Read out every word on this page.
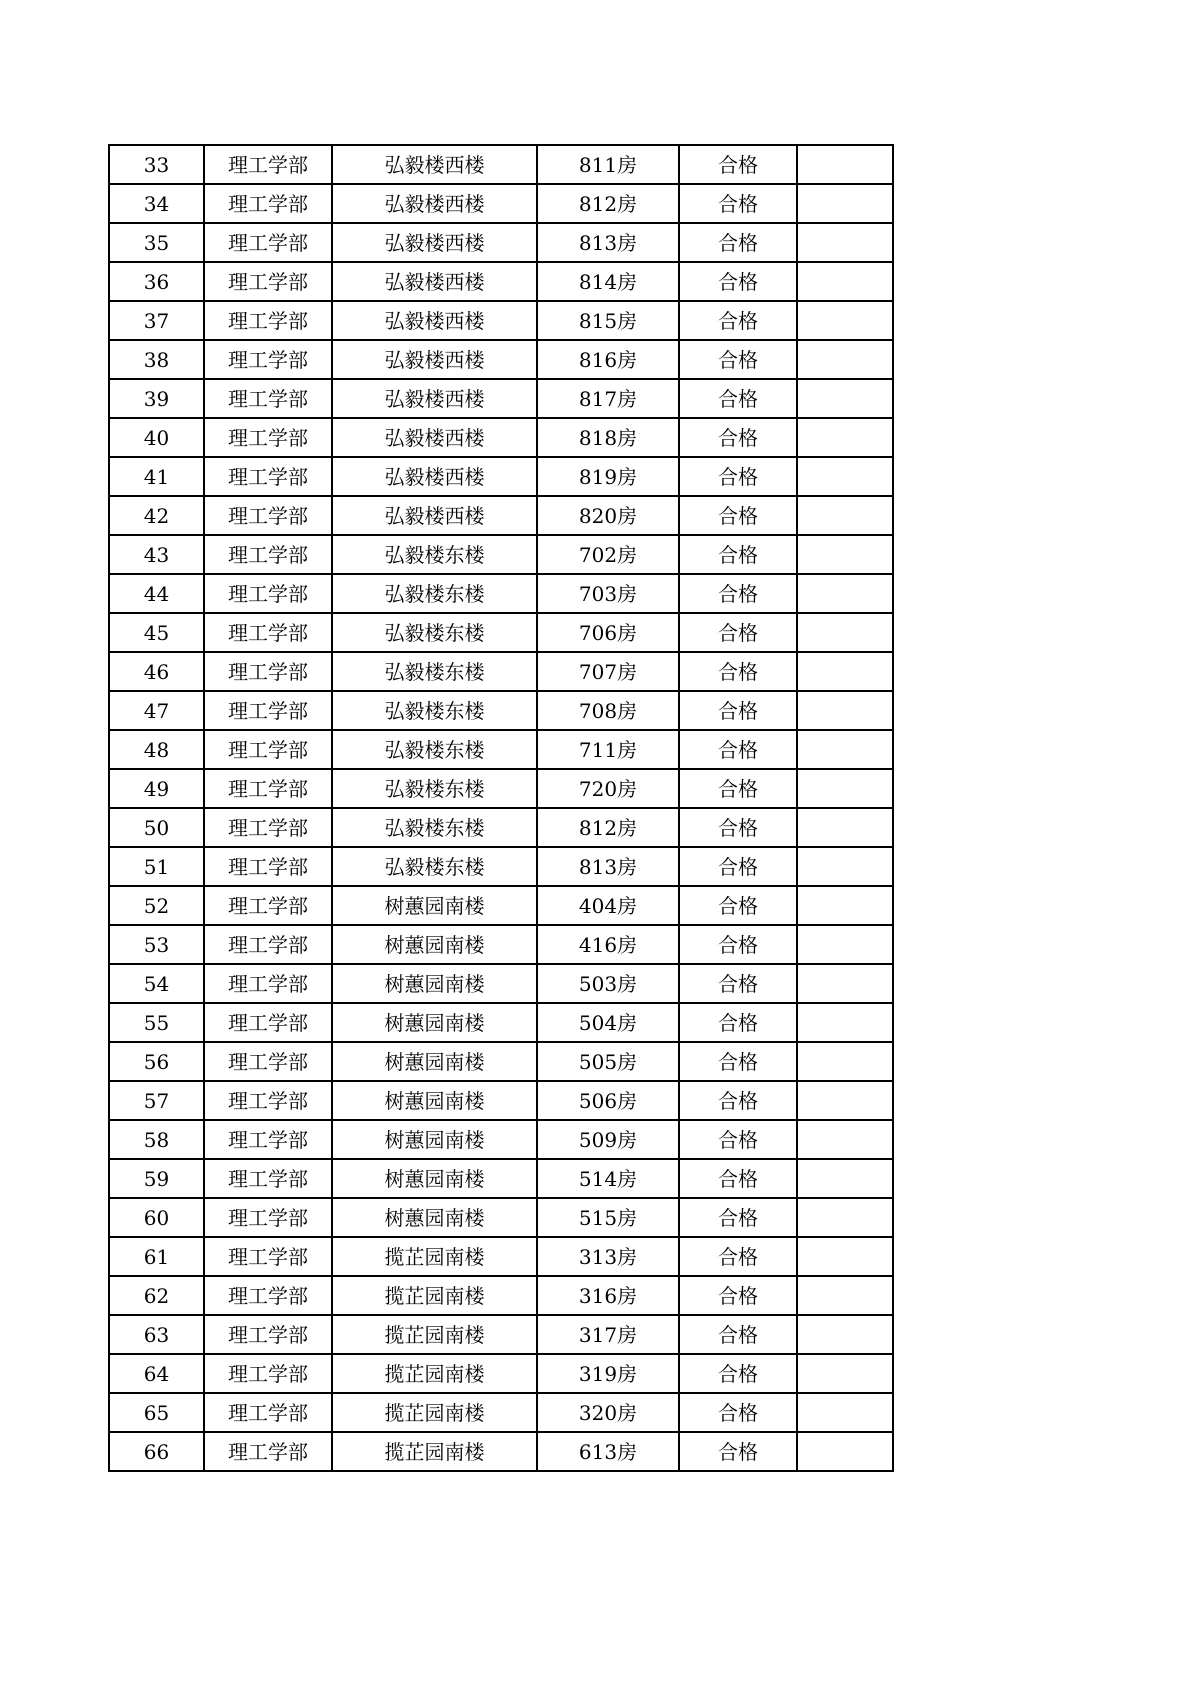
33	理工学部	弘毅楼西楼	811房	合格	
34	理工学部	弘毅楼西楼	812房	合格	
35	理工学部	弘毅楼西楼	813房	合格	
36	理工学部	弘毅楼西楼	814房	合格	
37	理工学部	弘毅楼西楼	815房	合格	
38	理工学部	弘毅楼西楼	816房	合格	
39	理工学部	弘毅楼西楼	817房	合格	
40	理工学部	弘毅楼西楼	818房	合格	
41	理工学部	弘毅楼西楼	819房	合格	
42	理工学部	弘毅楼西楼	820房	合格	
43	理工学部	弘毅楼东楼	702房	合格	
44	理工学部	弘毅楼东楼	703房	合格	
45	理工学部	弘毅楼东楼	706房	合格	
46	理工学部	弘毅楼东楼	707房	合格	
47	理工学部	弘毅楼东楼	708房	合格	
48	理工学部	弘毅楼东楼	711房	合格	
49	理工学部	弘毅楼东楼	720房	合格	
50	理工学部	弘毅楼东楼	812房	合格	
51	理工学部	弘毅楼东楼	813房	合格	
52	理工学部	树蕙园南楼	404房	合格	
53	理工学部	树蕙园南楼	416房	合格	
54	理工学部	树蕙园南楼	503房	合格	
55	理工学部	树蕙园南楼	504房	合格	
56	理工学部	树蕙园南楼	505房	合格	
57	理工学部	树蕙园南楼	506房	合格	
58	理工学部	树蕙园南楼	509房	合格	
59	理工学部	树蕙园南楼	514房	合格	
60	理工学部	树蕙园南楼	515房	合格	
61	理工学部	揽芷园南楼	313房	合格	
62	理工学部	揽芷园南楼	316房	合格	
63	理工学部	揽芷园南楼	317房	合格	
64	理工学部	揽芷园南楼	319房	合格	
65	理工学部	揽芷园南楼	320房	合格	
66	理工学部	揽芷园南楼	613房	合格	
